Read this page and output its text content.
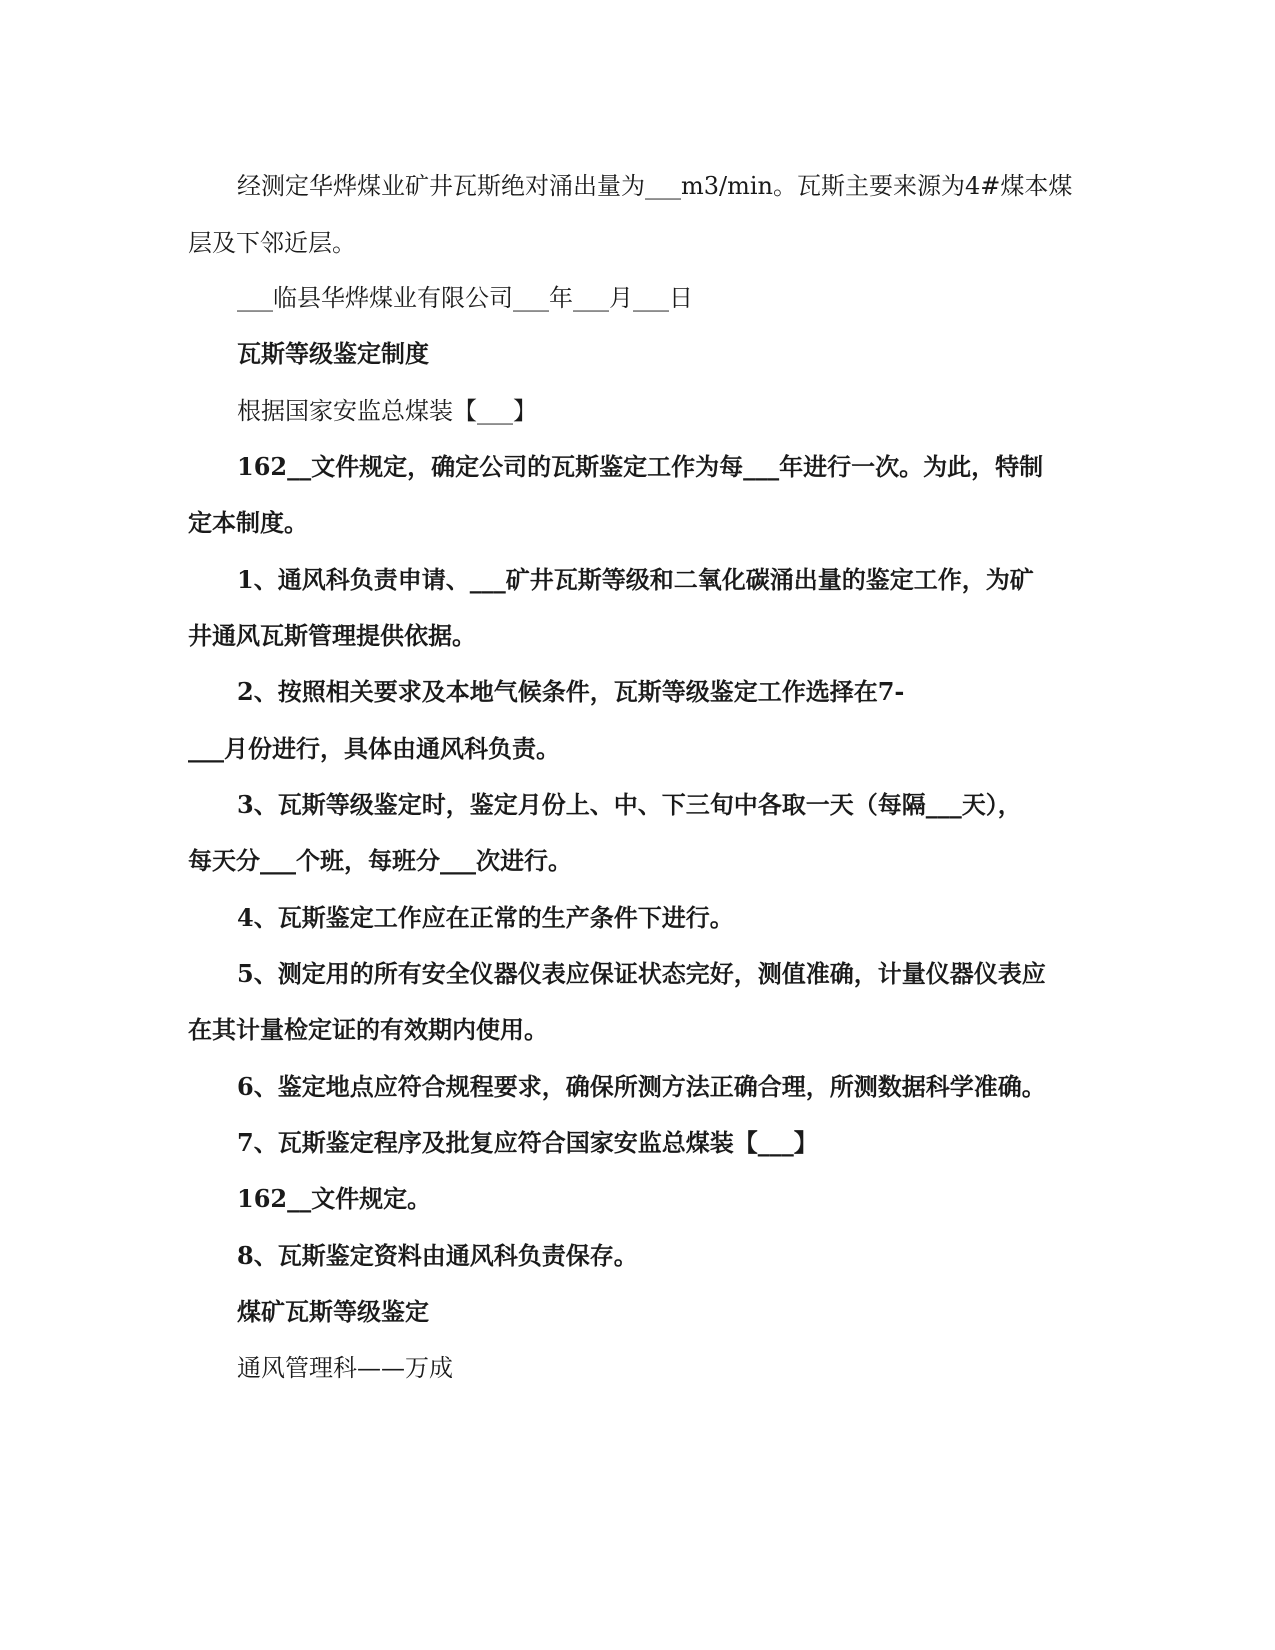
经测定华烨煤业矿井瓦斯绝对涌出量为___m3/min。瓦斯主要来源为4#煤本煤
层及下邻近层。
___临县华烨煤业有限公司___年___月___日
瓦斯等级鉴定制度
根据国家安监总煤装【___】
162__文件规定，确定公司的瓦斯鉴定工作为每___年进行一次。为此，特制
定本制度。
1、通风科负责申请、___矿井瓦斯等级和二氧化碳涌出量的鉴定工作，为矿
井通风瓦斯管理提供依据。
2、按照相关要求及本地气候条件，瓦斯等级鉴定工作选择在7-
___月份进行，具体由通风科负责。
3、瓦斯等级鉴定时，鉴定月份上、中、下三旬中各取一天（每隔___天），
每天分___个班，每班分___次进行。
4、瓦斯鉴定工作应在正常的生产条件下进行。
5、测定用的所有安全仪器仪表应保证状态完好，测值准确，计量仪器仪表应
在其计量检定证的有效期内使用。
6、鉴定地点应符合规程要求，确保所测方法正确合理，所测数据科学准确。
7、瓦斯鉴定程序及批复应符合国家安监总煤装【___】
162__文件规定。
8、瓦斯鉴定资料由通风科负责保存。
煤矿瓦斯等级鉴定
通风管理科——万成
